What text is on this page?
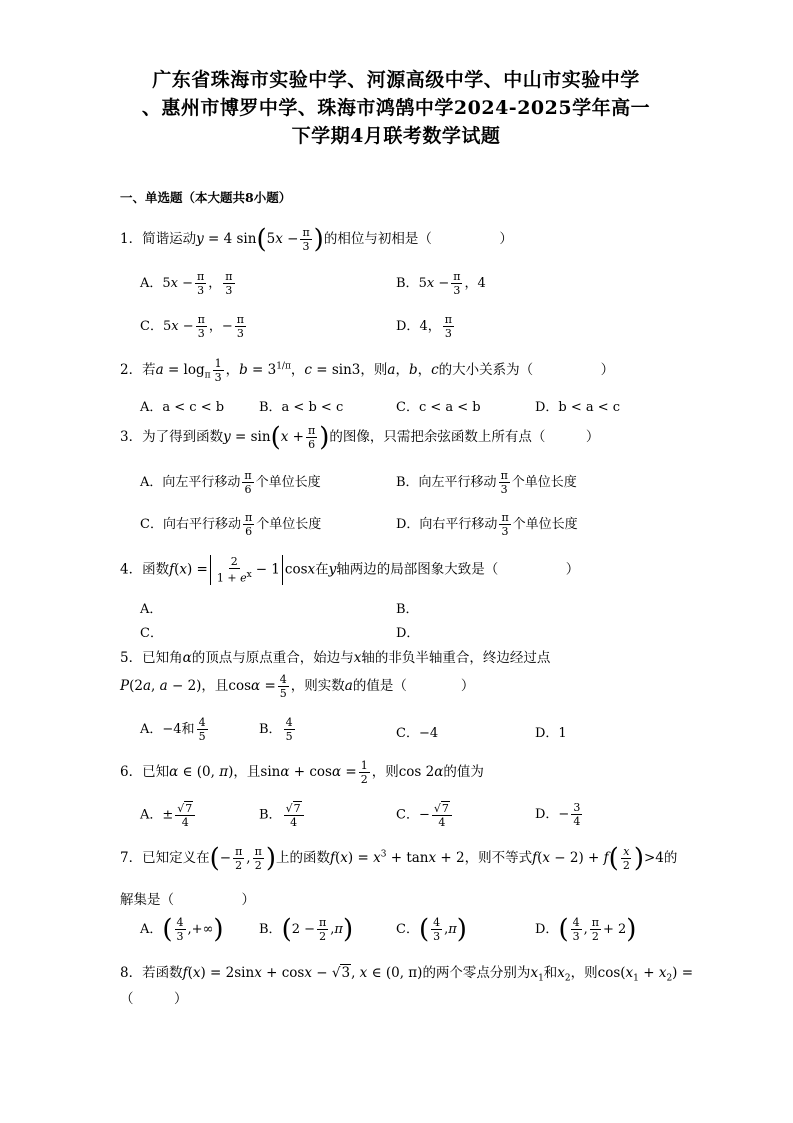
广东省珠海市实验中学、河源高级中学、中山市实验中学
、惠州市博罗中学、珠海市鸿鹄中学2024-2025学年高一
下学期4月联考数学试题
一、单选题（本大题共8小题）
1．简谐运动y = 4 $\sin(5x - \frac{\pi}{3}$ )的相位与初相是（　　　　　）
A．$5x - \frac{\pi}{3}$ ， $\frac{\pi}{3}$	B．$5x - \frac{\pi}{3}$ ，4
C．$5x - \frac{\pi}{3}$ ，− $\frac{\pi}{3}$	D．4， $\frac{\pi}{3}$
2．若$a = \log_\pi \frac{1}{3}$ ，$b = 3^{1/\pi}$，c = sin3，则a，b，c的大小关系为（　　　　　）
A．a < c < b	B．a < b < c	C．c < a < b	D．b < a < c
3．为了得到函数$y = \sin(x + \frac{\pi}{6}$ )的图像，只需把余弦函数上所有点（　　　）
A．向左平行移动 $\frac{\pi}{6}$ 个单位长度	B．向左平行移动 $\frac{\pi}{3}$ 个单位长度
C．向右平行移动 $\frac{\pi}{6}$ 个单位长度	D．向右平行移动 $\frac{\pi}{3}$ 个单位长度
4．函数$f(x) = \frac{2}{1 + e^x} - 1$ cosx在y轴两边的局部图象大致是（　　　　　）
A．	B．
C．	D．
5．已知角α的顶点与原点重合，始边与x轴的非负半轴重合，终边经过点
P(2a, a − 2)，且$\cos\alpha = \frac{4}{5}$ ，则实数a的值是（　　　　）
A．−4和 $\frac{4}{5}$	B． $\frac{4}{5}$	C．−4	D．1
6．已知α ∈ (0, π)，且$\sin\alpha + \cos\alpha = \frac{1}{2}$ ，则cos 2α的值为
A．± $\frac{√7}{4}$	B． $\frac{√7}{4}$	C．− $\frac{√7}{4}$	D．− $\frac{3}{4}$
7．已知定义在(− $\frac{\pi}{2}$ , $\frac{\pi}{2}$ )上的函数$f(x) = x^3 + \tan x + 2$，则不等式$f(x - 2) + f( \frac{x}{2} )>4$的
解集是（　　　　　）
A．( $\frac{4}{3}$ ,+∞)	B．$(2 - \frac{\pi}{2} ,\pi)$	C．( $\frac{4}{3} ,\pi$)	D．( $\frac{4}{3}$ , $\frac{\pi}{2} + 2$)
8．若函数f(x) = 2sinx + cosx − √3, x ∈ (0, π)的两个零点分别为$x_1$和$x_2$，则$\cos(x_1 + x_2)$ =
（　　　）
